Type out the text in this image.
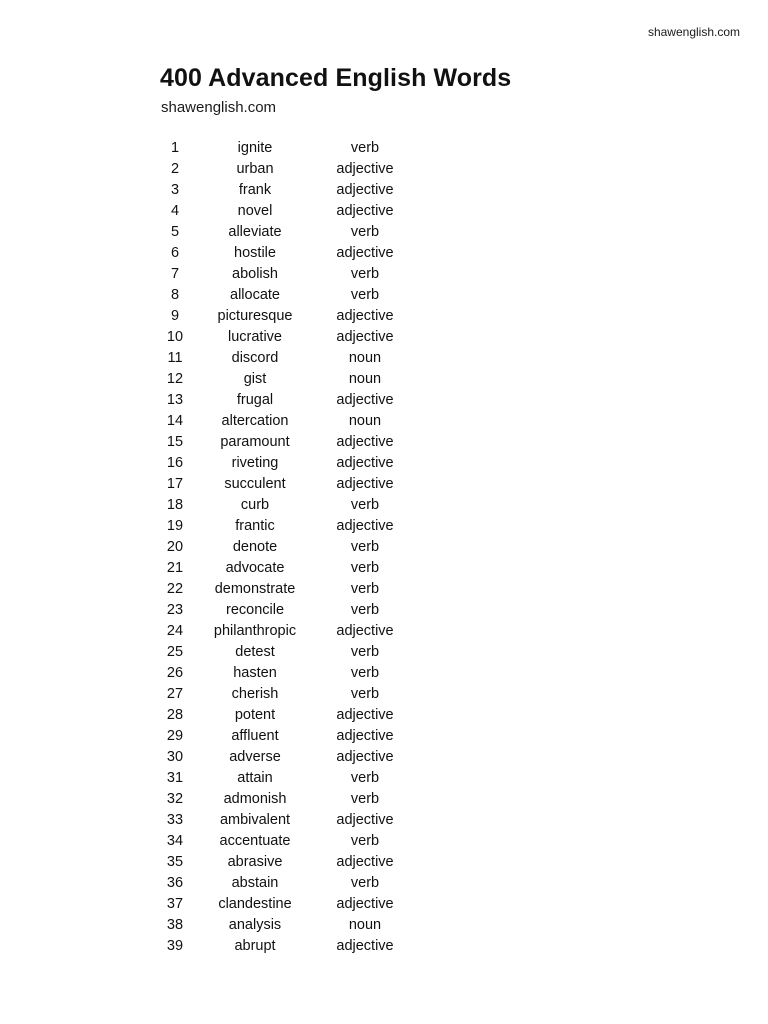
shawenglish.com
400 Advanced English Words
shawenglish.com
1	ignite	verb
2	urban	adjective
3	frank	adjective
4	novel	adjective
5	alleviate	verb
6	hostile	adjective
7	abolish	verb
8	allocate	verb
9	picturesque	adjective
10	lucrative	adjective
11	discord	noun
12	gist	noun
13	frugal	adjective
14	altercation	noun
15	paramount	adjective
16	riveting	adjective
17	succulent	adjective
18	curb	verb
19	frantic	adjective
20	denote	verb
21	advocate	verb
22	demonstrate	verb
23	reconcile	verb
24	philanthropic	adjective
25	detest	verb
26	hasten	verb
27	cherish	verb
28	potent	adjective
29	affluent	adjective
30	adverse	adjective
31	attain	verb
32	admonish	verb
33	ambivalent	adjective
34	accentuate	verb
35	abrasive	adjective
36	abstain	verb
37	clandestine	adjective
38	analysis	noun
39	abrupt	adjective
